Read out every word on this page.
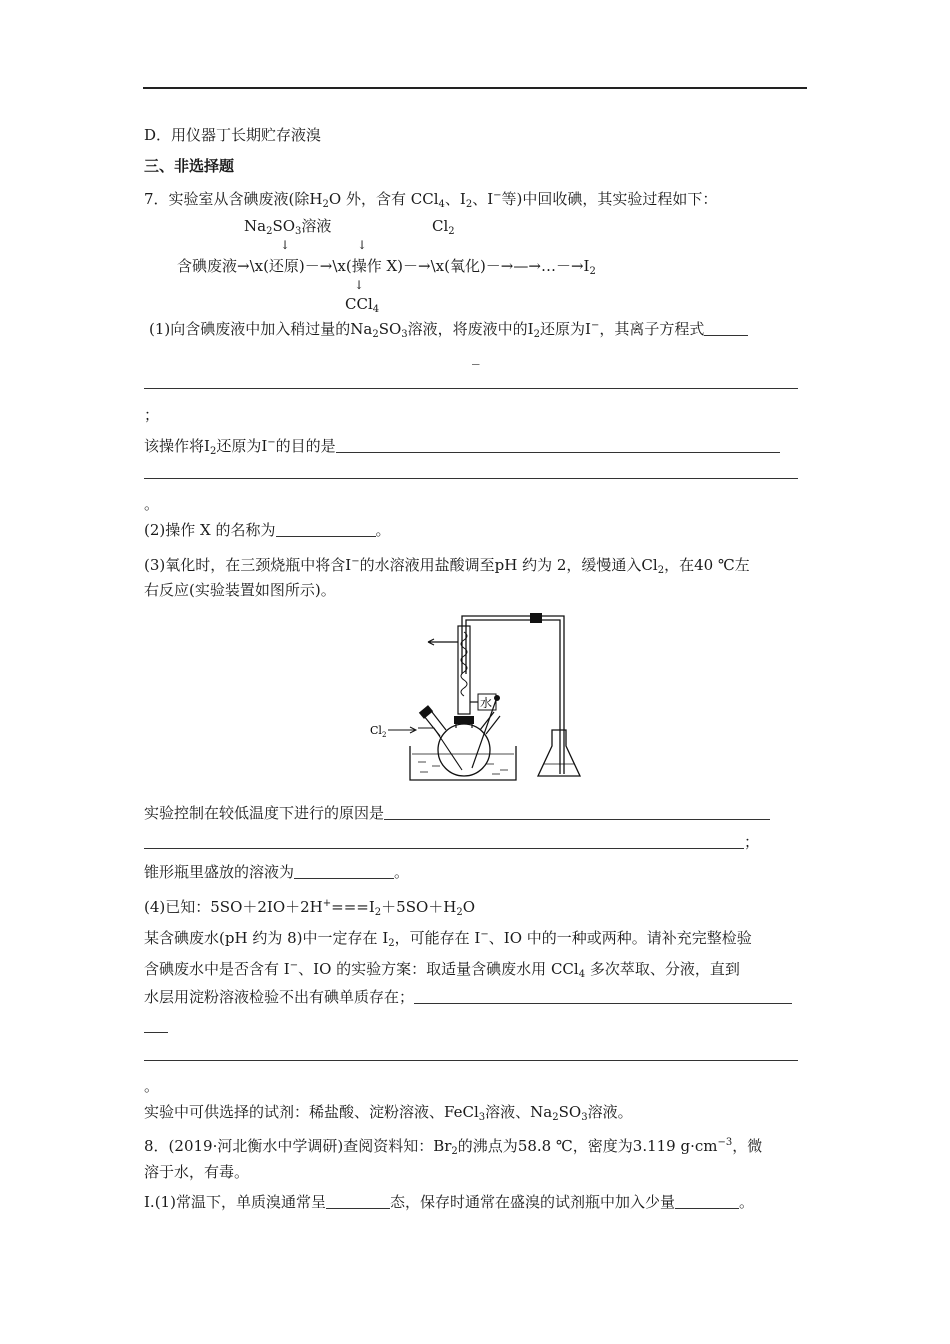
D．用仪器丁长期贮存液溴
三、非选择题
7．实验室从含碘废液(除$H_2O$ 外，含有 CCl$_4$、$I_2$、I−等)中回收碘，其实验过程如下：
$Na_2SO_3$溶液	$Cl_2$
↓	↓
含碘废液→\x(还原)－→\x(操作 X)－→\x(氧化)$-\to—\to\dots-\to I_2$
↓
CCl$_4$
(1)向含碘废液中加入稍过量的$Na_2SO_3$溶液，将废液中的$I_2$还原为I−，其离子方程式
_
；
该操作将$I_2$还原为I−的目的是
。
(2)操作 X 的名称为	。
(3)氧化时，在三颈烧瓶中将含I−的水溶液用盐酸调至pH 约为 2，缓慢通入$Cl_2$，在40 ℃左
右反应(实验装置如图所示)。
水
$Cl_2$
实验控制在较低温度下进行的原因是
；
锥形瓶里盛放的溶液为	。
(4)已知：$5SO+2IO+2H^+===I_2+5SO+H_2O$
某含碘废水(pH 约为 8)中一定存在 $I_2$，可能存在 I−、IO 中的一种或两种。请补充完整检验
含碘废水中是否含有 I−、IO 的实验方案：取适量含碘废水用 CCl$_4$ 多次萃取、分液，直到
水层用淀粉溶液检验不出有碘单质存在；
。
实验中可供选择的试剂：稀盐酸、淀粉溶液、FeCl$_3$溶液、$Na_2SO_3$溶液。
8．(2019·河北衡水中学调研)查阅资料知：$Br_2$的沸点为58.8 ℃，密度为3.119 $g\cdot cm^{-3}$，微
溶于水，有毒。
Ⅰ.(1)常温下，单质溴通常呈	态，保存时通常在盛溴的试剂瓶中加入少量	。
